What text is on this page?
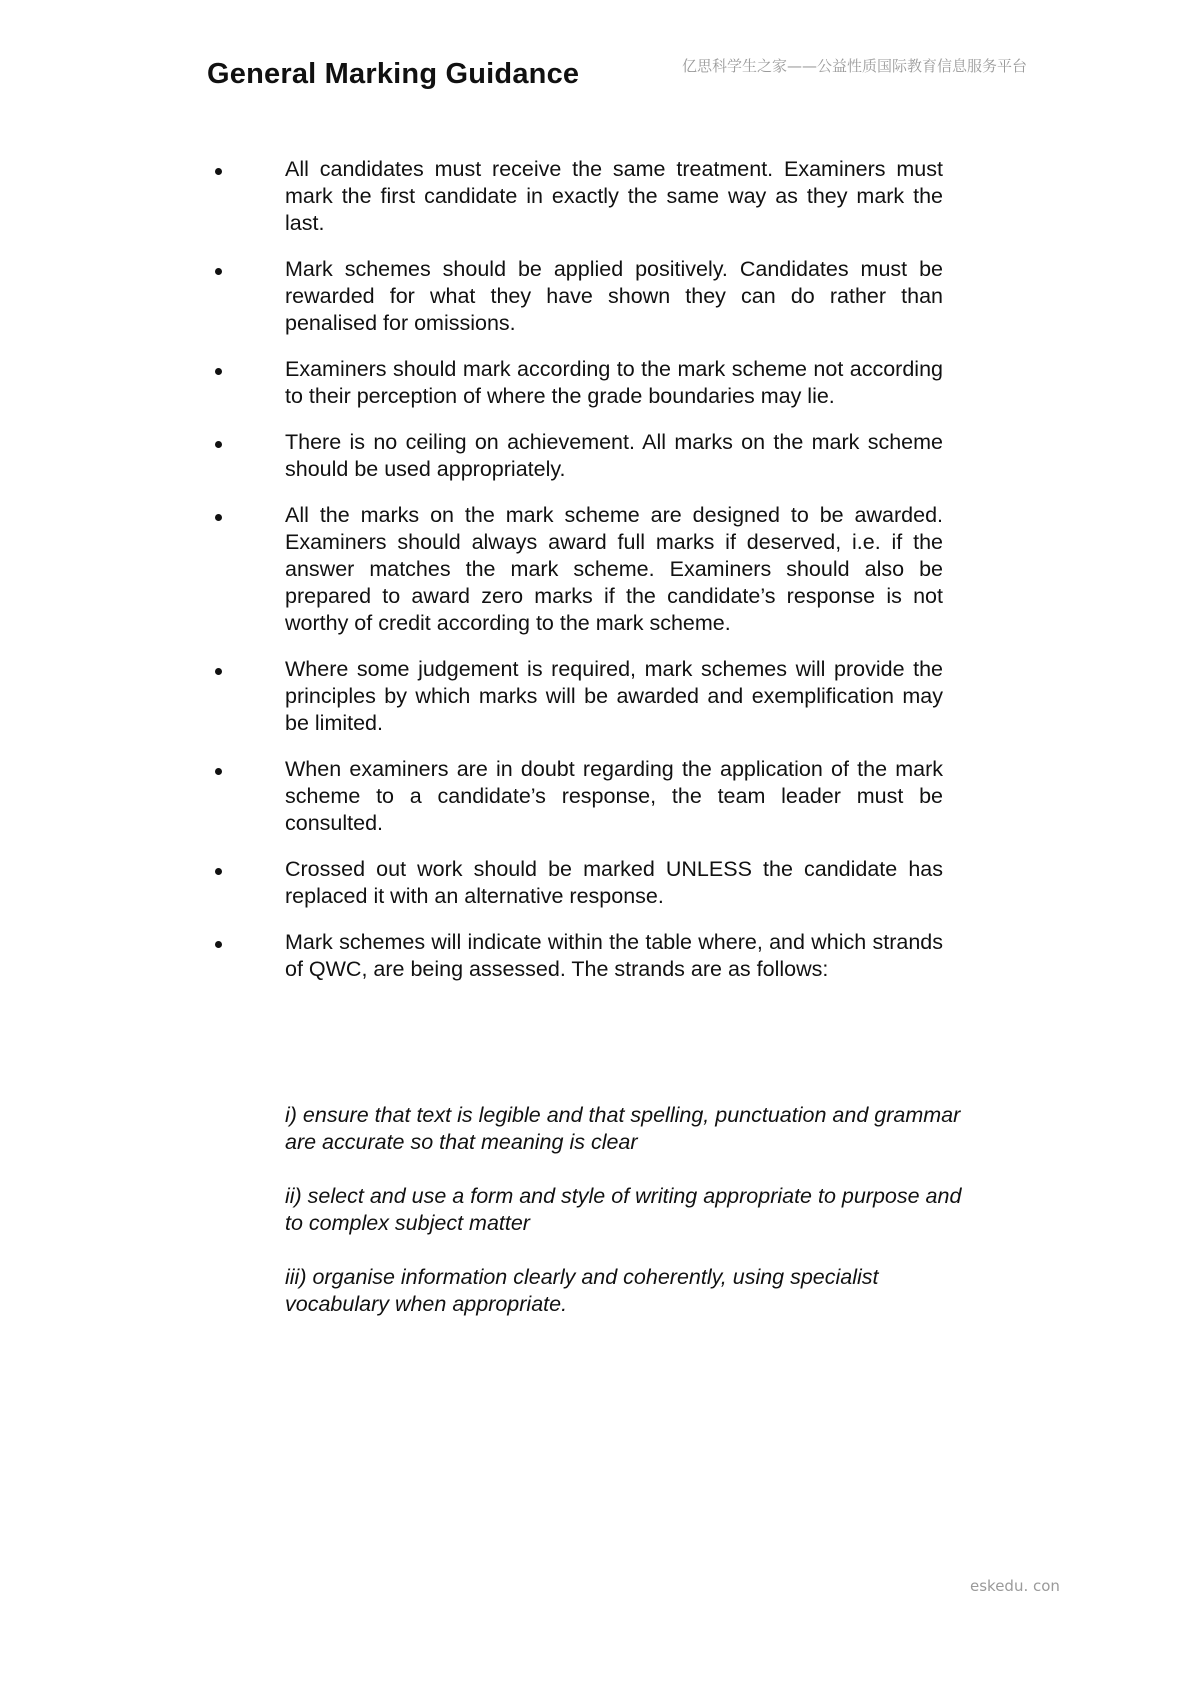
General Marking Guidance	亿思科学生之家——公益性质国际教育信息服务平台
All candidates must receive the same treatment. Examiners must mark the first candidate in exactly the same way as they mark the last.
Mark schemes should be applied positively. Candidates must be rewarded for what they have shown they can do rather than penalised for omissions.
Examiners should mark according to the mark scheme not according to their perception of where the grade boundaries may lie.
There is no ceiling on achievement. All marks on the mark scheme should be used appropriately.
All the marks on the mark scheme are designed to be awarded. Examiners should always award full marks if deserved, i.e. if the answer matches the mark scheme. Examiners should also be prepared to award zero marks if the candidate’s response is not worthy of credit according to the mark scheme.
Where some judgement is required, mark schemes will provide the principles by which marks will be awarded and exemplification may be limited.
When examiners are in doubt regarding the application of the mark scheme to a candidate’s response, the team leader must be consulted.
Crossed out work should be marked UNLESS the candidate has replaced it with an alternative response.
Mark schemes will indicate within the table where, and which strands of QWC, are being assessed. The strands are as follows:
i) ensure that text is legible and that spelling, punctuation and grammar are accurate so that meaning is clear
ii) select and use a form and style of writing appropriate to purpose and to complex subject matter
iii) organise information clearly and coherently, using specialist vocabulary when appropriate.
eskedu. con
